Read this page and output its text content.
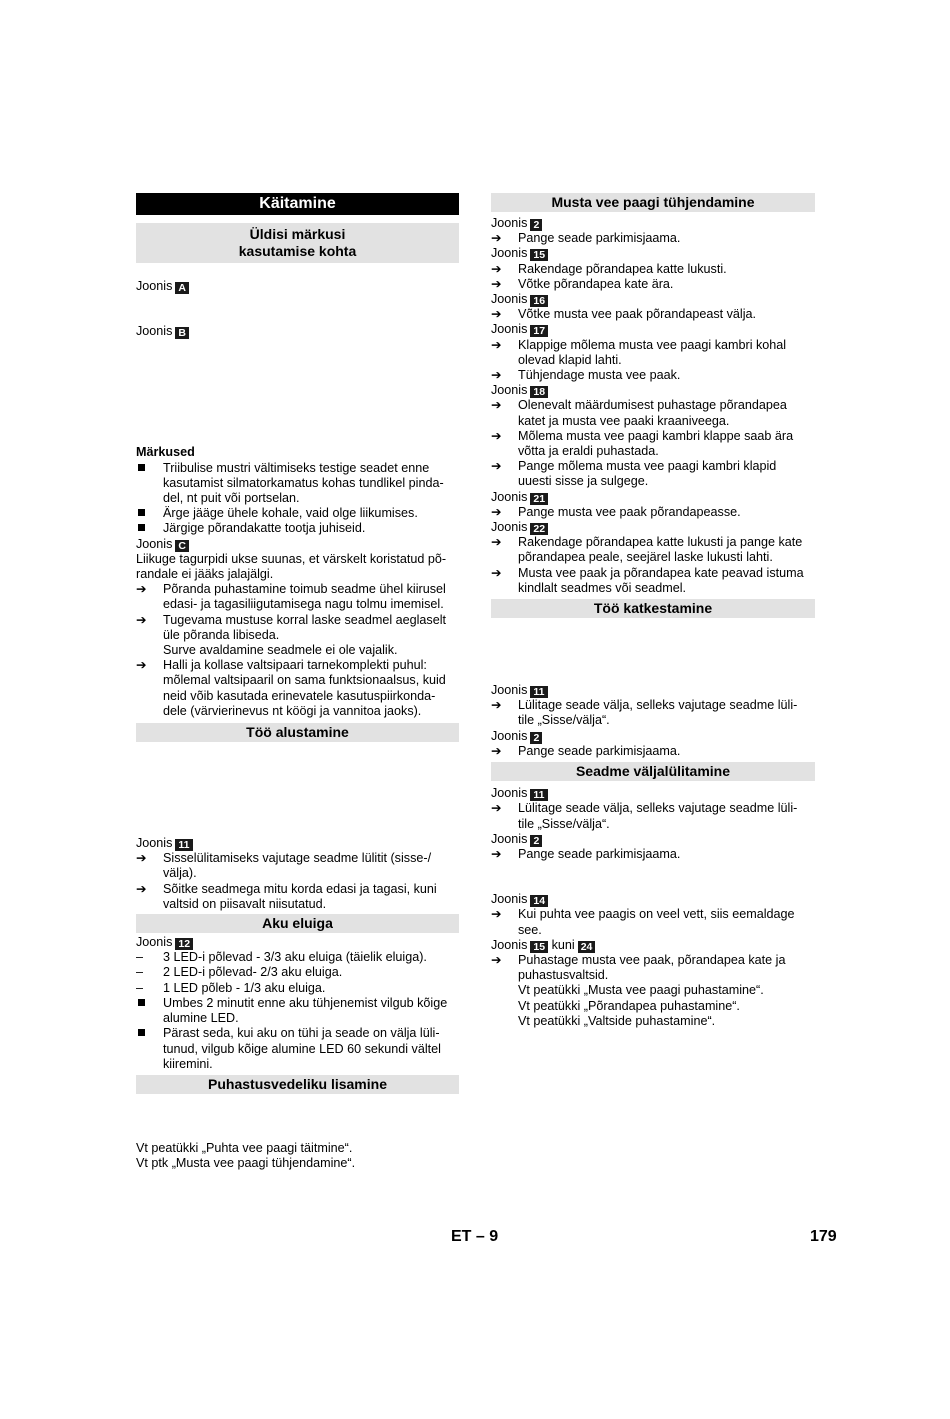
Käitamine
Üldisi märkusi
kasutamise kohta
Joonis A
Joonis B
Märkused
Triibulise mustri vältimiseks testige seadet enne
kasutamist silmatorkamatus kohas tundlikel pinda-
del, nt puit või portselan.
Ärge jääge ühele kohale, vaid olge liikumises.
Järgige põrandakatte tootja juhiseid.
Joonis C
Liikuge tagurpidi ukse suunas, et värskelt koristatud põ-
randale ei jääks jalajälgi.
➔	Põranda puhastamine toimub seadme ühel kiirusel
edasi- ja tagasiliigutamisega nagu tolmu imemisel.
➔	Tugevama mustuse korral laske seadmel aeglaselt
üle põranda libiseda.
Surve avaldamine seadmele ei ole vajalik.
➔	Halli ja kollase valtsipaari tarnekomplekti puhul:
mõlemal valtsipaaril on sama funktsionaalsus, kuid
neid võib kasutada erinevatele kasutuspiirkonda-
dele (värvierinevus nt köögi ja vannitoa jaoks).
Töö alustamine
Joonis 11
➔	Sisselülitamiseks vajutage seadme lülitit (sisse-/
välja).
➔	Sõitke seadmega mitu korda edasi ja tagasi, kuni
valtsid on piisavalt niisutatud.
Aku eluiga
Joonis 12
–	3 LED-i põlevad - 3/3 aku eluiga (täielik eluiga).
–	2 LED-i põlevad- 2/3 aku eluiga.
–	1 LED põleb - 1/3 aku eluiga.
Umbes 2 minutit enne aku tühjenemist vilgub kõige
alumine LED.
Pärast seda, kui aku on tühi ja seade on välja lüli-
tunud, vilgub kõige alumine LED 60 sekundi vältel
kiiremini.
Puhastusvedeliku lisamine
Vt peatükki „Puhta vee paagi täitmine“.
Vt ptk „Musta vee paagi tühjendamine“.
Musta vee paagi tühjendamine
Joonis 2
➔	Pange seade parkimisjaama.
Joonis 15
➔	Rakendage põrandapea katte lukusti.
➔	Võtke põrandapea kate ära.
Joonis 16
➔	Võtke musta vee paak põrandapeast välja.
Joonis 17
➔	Klappige mõlema musta vee paagi kambri kohal
olevad klapid lahti.
➔	Tühjendage musta vee paak.
Joonis 18
➔	Olenevalt määrdumisest puhastage põrandapea
katet ja musta vee paaki kraaniveega.
➔	Mõlema musta vee paagi kambri klappe saab ära
võtta ja eraldi puhastada.
➔	Pange mõlema musta vee paagi kambri klapid
uuesti sisse ja sulgege.
Joonis 21
➔	Pange musta vee paak põrandapeasse.
Joonis 22
➔	Rakendage põrandapea katte lukusti ja pange kate
põrandapea peale, seejärel laske lukusti lahti.
➔	Musta vee paak ja põrandapea kate peavad istuma
kindlalt seadmes või seadmel.
Töö katkestamine
Joonis 11
➔	Lülitage seade välja, selleks vajutage seadme lüli-
tile „Sisse/välja“.
Joonis 2
➔	Pange seade parkimisjaama.
Seadme väljalülitamine
Joonis 11
➔	Lülitage seade välja, selleks vajutage seadme lüli-
tile „Sisse/välja“.
Joonis 2
➔	Pange seade parkimisjaama.
Joonis 14
➔	Kui puhta vee paagis on veel vett, siis eemaldage
see.
Joonis 15 kuni 24
➔	Puhastage musta vee paak, põrandapea kate ja
puhastusvaltsid.
Vt peatükki „Musta vee paagi puhastamine“.
Vt peatükki „Põrandapea puhastamine“.
Vt peatükki „Valtside puhastamine“.
ET – 9	179
